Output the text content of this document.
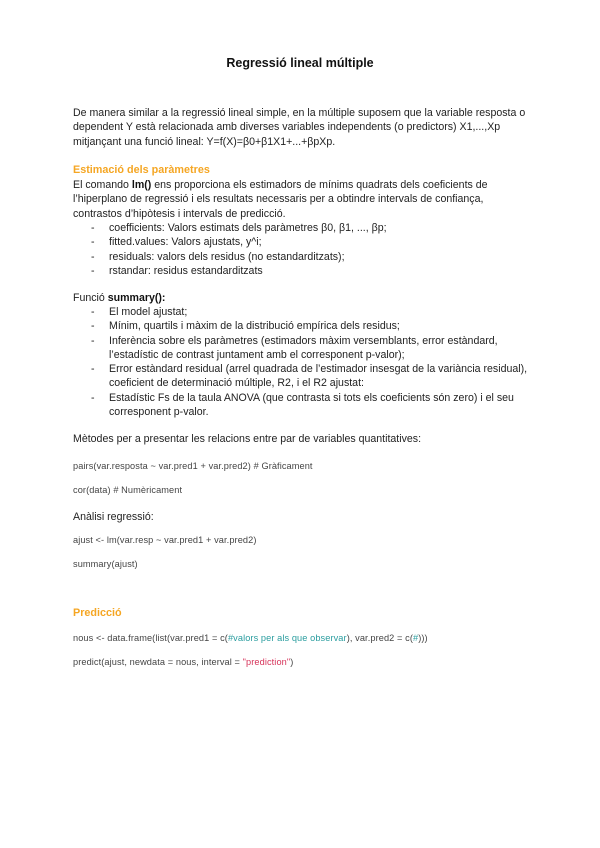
Regressió lineal múltiple
De manera similar a la regressió lineal simple, en la múltiple suposem que la variable resposta o dependent Y està relacionada amb diverses variables independents (o predictors) X1,...,Xp mitjançant una funció lineal: Y=f(X)=β0+β1X1+...+βpXp.
Estimació dels paràmetres
El comando lm() ens proporciona els estimadors de mínims quadrats dels coeficients de l’hiperplano de regressió i els resultats necessaris per a obtindre intervals de confiança, contrastos d’hipòtesis i intervals de predicció.
- coefficients: Valors estimats dels paràmetres β0, β1, ..., βp;
- fitted.values: Valors ajustats, y^i;
- residuals: valors dels residus (no estandarditzats);
- rstandar: residus estandarditzats
Funció summary():
- El model ajustat;
- Mínim, quartils i màxim de la distribució empírica dels residus;
- Inferència sobre els paràmetres (estimadors màxim versemblants, error estàndard, l’estadístic de contrast juntament amb el corresponent p-valor);
- Error estàndard residual (arrel quadrada de l’estimador insesgat de la variància residual), coeficient de determinació múltiple, R2, i el R2 ajustat:
- Estadístic Fs de la taula ANOVA (que contrasta si tots els coeficients són zero) i el seu corresponent p-valor.
Mètodes per a presentar les relacions entre par de variables quantitatives:
pairs(var.resposta ~ var.pred1 + var.pred2) # Gràficament
cor(data) # Numèricament
Anàlisi regressió:
ajust <- lm(var.resp ~ var.pred1 + var.pred2)
summary(ajust)
Predicció
nous <- data.frame(list(var.pred1 = c(#valors per als que observar), var.pred2 = c(#)))
predict(ajust, newdata = nous, interval = "prediction")
